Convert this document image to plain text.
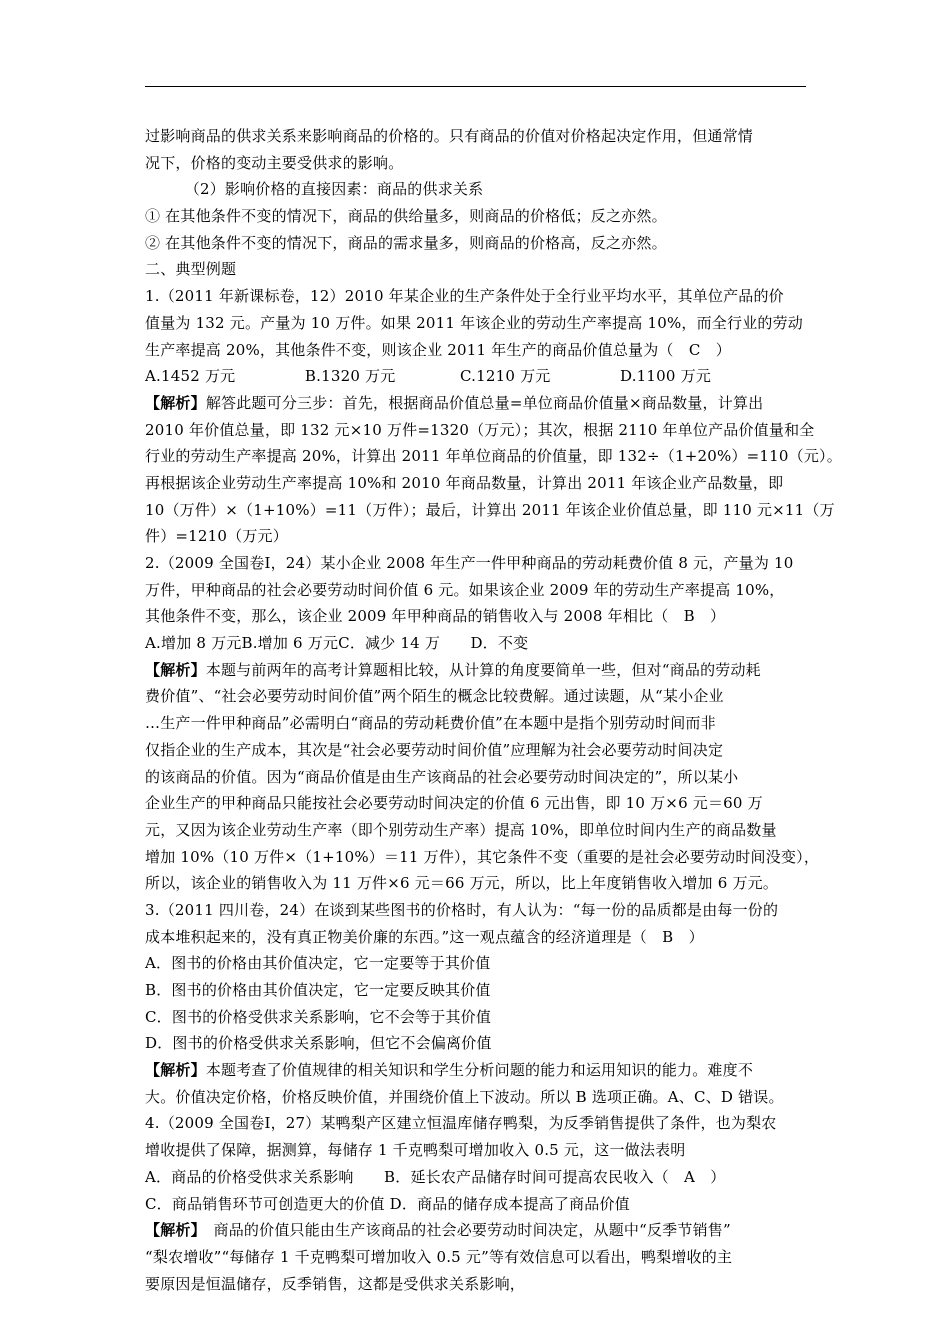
过影响商品的供求关系来影响商品的价格的。只有商品的价值对价格起决定作用，但通常情
况下，价格的变动主要受供求的影响。
（2）影响价格的直接因素：商品的供求关系
① 在其他条件不变的情况下，商品的供给量多，则商品的价格低；反之亦然。
② 在其他条件不变的情况下，商品的需求量多，则商品的价格高，反之亦然。
二、典型例题
1.（2011 年新课标卷，12）2010 年某企业的生产条件处于全行业平均水平，其单位产品的价
值量为 132 元。产量为 10 万件。如果 2011 年该企业的劳动生产率提高 10%，而全行业的劳动
生产率提高 20%，其他条件不变，则该企业 2011 年生产的商品价值总量为（　C　）
A.1452 万元              B.1320 万元             C.1210 万元              D.1100 万元
【解析】解答此题可分三步：首先，根据商品价值总量=单位商品价值量×商品数量，计算出
2010 年价值总量，即 132 元×10 万件=1320（万元）；其次，根据 2110 年单位产品价值量和全
行业的劳动生产率提高 20%，计算出 2011 年单位商品的价值量，即 132÷（1+20%）=110（元）。
再根据该企业劳动生产率提高 10%和 2010 年商品数量，计算出 2011 年该企业产品数量，即
10（万件）×（1+10%）=11（万件）；最后，计算出 2011 年该企业价值总量，即 110 元×11（万
件）=1210（万元）
2.（2009 全国卷Ⅰ，24）某小企业 2008 年生产一件甲种商品的劳动耗费价值 8 元，产量为 10
万件，甲种商品的社会必要劳动时间价值 6 元。如果该企业 2009 年的劳动生产率提高 10%，
其他条件不变，那么，该企业 2009 年甲种商品的销售收入与 2008 年相比（　B　）
A.增加 8 万元B.增加 6 万元C．减少 14 万　　D．不变
【解析】本题与前两年的高考计算题相比较，从计算的角度要简单一些，但对“商品的劳动耗
费价值”、“社会必要劳动时间价值”两个陌生的概念比较费解。通过读题，从“某小企业
…生产一件甲种商品”必需明白“商品的劳动耗费价值”在本题中是指个别劳动时间而非
仅指企业的生产成本，其次是“社会必要劳动时间价值”应理解为社会必要劳动时间决定
的该商品的价值。因为“商品价值是由生产该商品的社会必要劳动时间决定的”，所以某小
企业生产的甲种商品只能按社会必要劳动时间决定的价值 6 元出售，即 10 万×6 元＝60 万
元，又因为该企业劳动生产率（即个别劳动生产率）提高 10%，即单位时间内生产的商品数量
增加 10%（10 万件×（1+10%）＝11 万件），其它条件不变（重要的是社会必要劳动时间没变），
所以，该企业的销售收入为 11 万件×6 元＝66 万元，所以，比上年度销售收入增加 6 万元。
3.（2011 四川卷，24）在谈到某些图书的价格时，有人认为：“每一份的品质都是由每一份的
成本堆积起来的，没有真正物美价廉的东西。”这一观点蕴含的经济道理是（　B　）
A．图书的价格由其价值决定，它一定要等于其价值
B．图书的价格由其价值决定，它一定要反映其价值
C．图书的价格受供求关系影响，它不会等于其价值
D．图书的价格受供求关系影响，但它不会偏离价值
【解析】本题考查了价值规律的相关知识和学生分析问题的能力和运用知识的能力。难度不
大。价值决定价格，价格反映价值，并围绕价值上下波动。所以 B 选项正确。A、C、D 错误。
4.（2009 全国卷Ⅰ，27）某鸭梨产区建立恒温库储存鸭梨，为反季销售提供了条件，也为梨农
增收提供了保障，据测算，每储存 1 千克鸭梨可增加收入 0.5 元，这一做法表明
A．商品的价格受供求关系影响　　B．延长农产品储存时间可提高农民收入（　A　）
C．商品销售环节可创造更大的价值 D．商品的储存成本提高了商品价值
【解析】　商品的价值只能由生产该商品的社会必要劳动时间决定，从题中“反季节销售”
“梨农增收”“每储存 1 千克鸭梨可增加收入 0.5 元”等有效信息可以看出，鸭梨增收的主
要原因是恒温储存，反季销售，这都是受供求关系影响，
